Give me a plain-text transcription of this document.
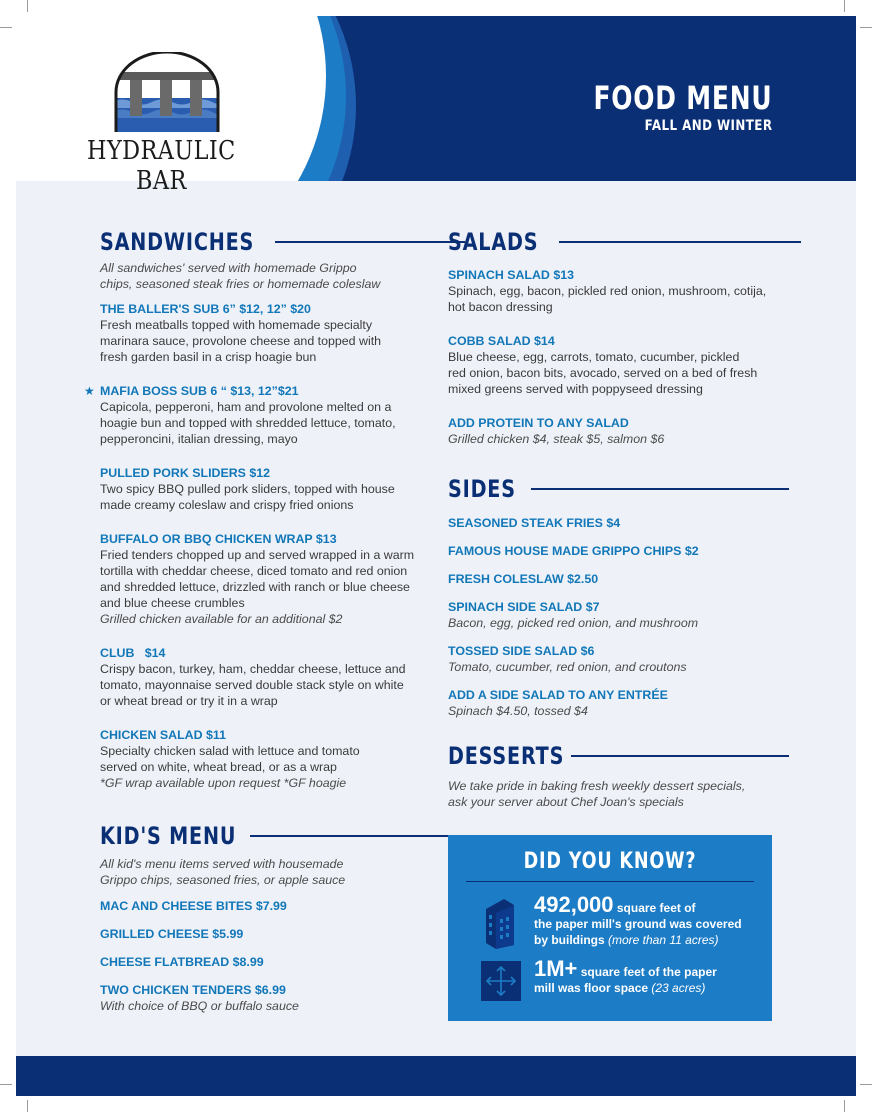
HYDRAULIC BAR
FOOD MENU
FALL AND WINTER
SANDWICHES
All sandwiches' served with homemade Grippo
chips, seasoned steak fries or homemade coleslaw
THE BALLER'S SUB 6” $12, 12” $20
Fresh meatballs topped with homemade specialty
marinara sauce, provolone cheese and topped with
fresh garden basil in a crisp hoagie bun
★ MAFIA BOSS SUB 6 “ $13, 12”$21
Capicola, pepperoni, ham and provolone melted on a
hoagie bun and topped with shredded lettuce, tomato,
pepperoncini, italian dressing, mayo
PULLED PORK SLIDERS $12
Two spicy BBQ pulled pork sliders, topped with house
made creamy coleslaw and crispy fried onions
BUFFALO OR BBQ CHICKEN WRAP $13
Fried tenders chopped up and served wrapped in a warm
tortilla with cheddar cheese, diced tomato and red onion
and shredded lettuce, drizzled with ranch or blue cheese
and blue cheese crumbles
Grilled chicken available for an additional $2
CLUB   $14
Crispy bacon, turkey, ham, cheddar cheese, lettuce and
tomato, mayonnaise served double stack style on white
or wheat bread or try it in a wrap
CHICKEN SALAD $11
Specialty chicken salad with lettuce and tomato
served on white, wheat bread, or as a wrap
*GF wrap available upon request *GF hoagie
KID'S MENU
All kid's menu items served with housemade
Grippo chips, seasoned fries, or apple sauce
MAC AND CHEESE BITES $7.99
GRILLED CHEESE $5.99
CHEESE FLATBREAD $8.99
TWO CHICKEN TENDERS $6.99
With choice of BBQ or buffalo sauce
SALADS
SPINACH SALAD $13
Spinach, egg, bacon, pickled red onion, mushroom, cotija,
hot bacon dressing
COBB SALAD $14
Blue cheese, egg, carrots, tomato, cucumber, pickled
red onion, bacon bits, avocado, served on a bed of fresh
mixed greens served with poppyseed dressing
ADD PROTEIN TO ANY SALAD
Grilled chicken $4, steak $5, salmon $6
SIDES
SEASONED STEAK FRIES $4
FAMOUS HOUSE MADE GRIPPO CHIPS $2
FRESH COLESLAW $2.50
SPINACH SIDE SALAD $7
Bacon, egg, picked red onion, and mushroom
TOSSED SIDE SALAD $6
Tomato, cucumber, red onion, and croutons
ADD A SIDE SALAD TO ANY ENTRÉE
Spinach $4.50, tossed $4
DESSERTS
We take pride in baking fresh weekly dessert specials,
ask your server about Chef Joan's specials
DID YOU KNOW?
492,000 square feet of
the paper mill's ground was covered
by buildings (more than 11 acres)
1M+ square feet of the paper
mill was floor space (23 acres)
